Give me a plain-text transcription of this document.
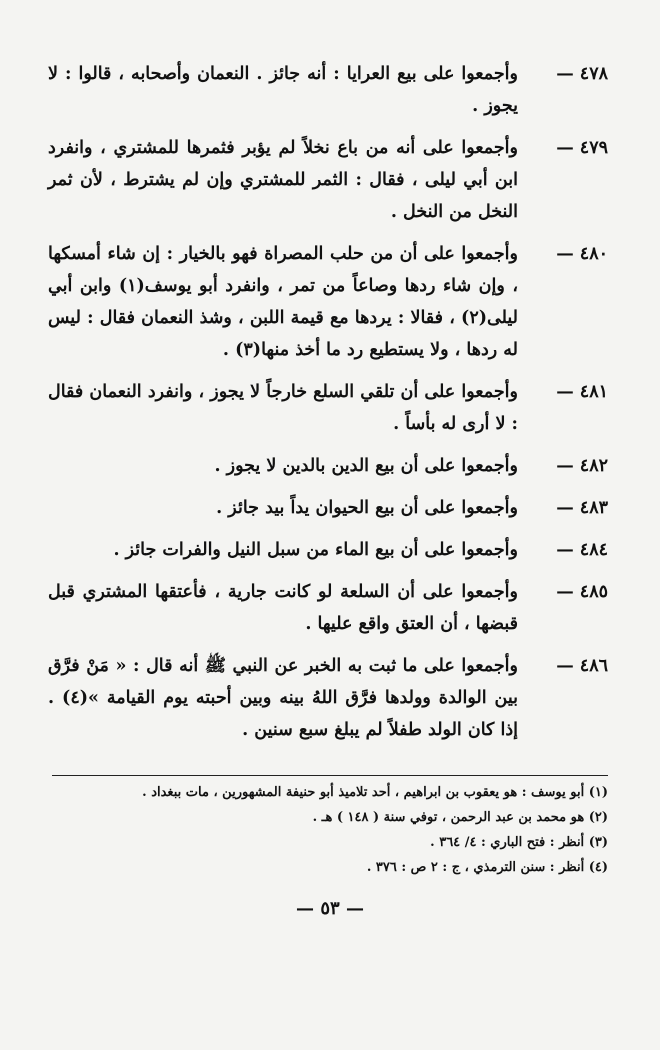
٤٧٨ —
وأجمعوا على بيع العرايا : أنه جائز . النعمان وأصحابه ، قالوا : لا يجوز .
٤٧٩ —
وأجمعوا على أنه من باع نخلاً لم يؤبر فثمرها للمشتري ، وانفرد ابن أبي ليلى ، فقال : الثمر للمشتري وإن لم يشترط ، لأن ثمر النخل من النخل .
٤٨٠ —
وأجمعوا على أن من حلب المصراة فهو بالخيار : إن شاء أمسكها ، وإن شاء ردها وصاعاً من تمر ، وانفرد أبو يوسف(١) وابن أبي ليلى(٢) ، فقالا : يردها مع قيمة اللبن ، وشذ النعمان فقال : ليس له ردها ، ولا يستطيع رد ما أخذ منها(٣) .
٤٨١ —
وأجمعوا على أن تلقي السلع خارجاً لا يجوز ، وانفرد النعمان فقال : لا أرى له بأساً .
٤٨٢ —
وأجمعوا على أن بيع الدين بالدين لا يجوز .
٤٨٣ —
وأجمعوا على أن بيع الحيوان يداً بيد جائز .
٤٨٤ —
وأجمعوا على أن بيع الماء من سبل النيل والفرات جائز .
٤٨٥ —
وأجمعوا على أن السلعة لو كانت جارية ، فأعتقها المشتري قبل قبضها ، أن العتق واقع عليها .
٤٨٦ —
وأجمعوا على ما ثبت به الخبر عن النبي ﷺ أنه قال : « مَنْ فرَّق بين الوالدة وولدها فرَّق اللهُ بينه وبين أحبته يوم القيامة »(٤) . إذا كان الولد طفلاً لم يبلغ سبع سنين .
(١) أبو يوسف : هو يعقوب بن ابراهيم ، أحد تلاميذ أبو حنيفة المشهورين ، مات ببغداد .
(٢) هو محمد بن عبد الرحمن ، توفي سنة ( ١٤٨ ) هـ .
(٣) أنظر : فتح الباري : ٤/ ٣٦٤ .
(٤) أنظر : سنن الترمذي ، ج : ٢ ص : ٣٧٦ .
— ٥٣ —
